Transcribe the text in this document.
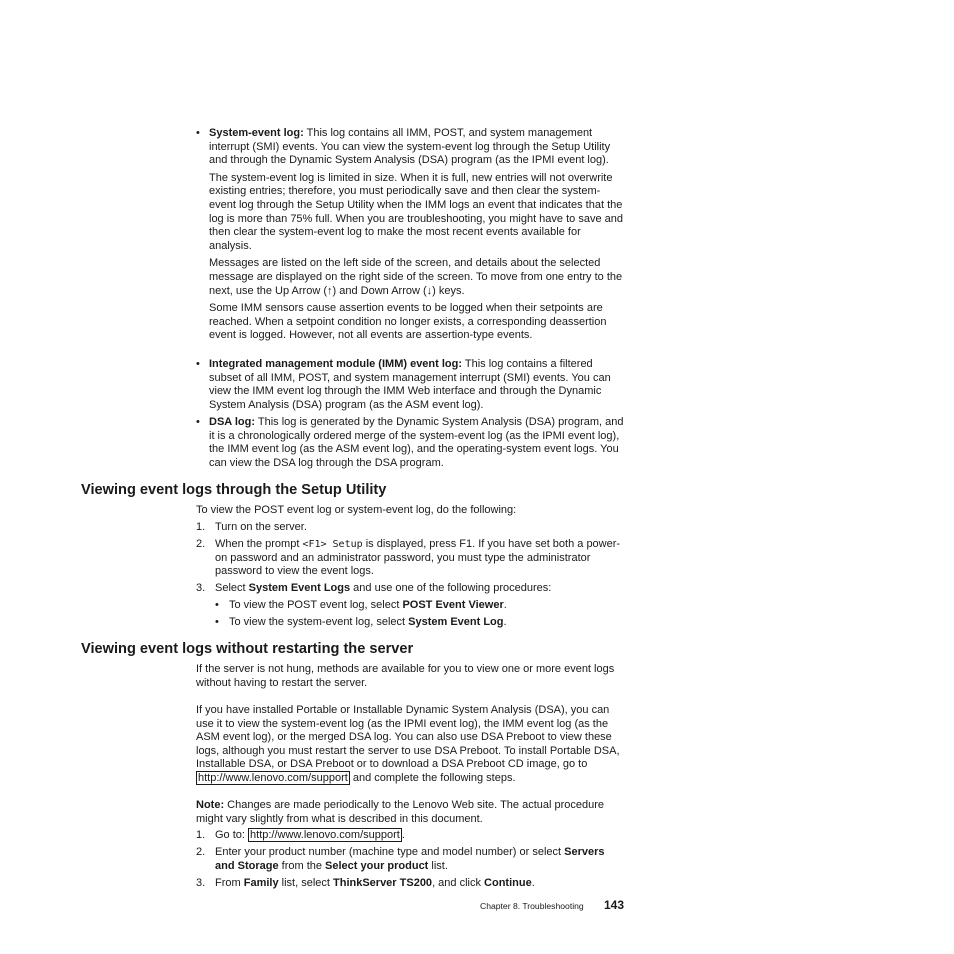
• System-event log: This log contains all IMM, POST, and system management interrupt (SMI) events. You can view the system-event log through the Setup Utility and through the Dynamic System Analysis (DSA) program (as the IPMI event log).
The system-event log is limited in size. When it is full, new entries will not overwrite existing entries; therefore, you must periodically save and then clear the system-event log through the Setup Utility when the IMM logs an event that indicates that the log is more than 75% full. When you are troubleshooting, you might have to save and then clear the system-event log to make the most recent events available for analysis.
Messages are listed on the left side of the screen, and details about the selected message are displayed on the right side of the screen. To move from one entry to the next, use the Up Arrow (↑) and Down Arrow (↓) keys.
Some IMM sensors cause assertion events to be logged when their setpoints are reached. When a setpoint condition no longer exists, a corresponding deassertion event is logged. However, not all events are assertion-type events.
• Integrated management module (IMM) event log: This log contains a filtered subset of all IMM, POST, and system management interrupt (SMI) events. You can view the IMM event log through the IMM Web interface and through the Dynamic System Analysis (DSA) program (as the ASM event log).
• DSA log: This log is generated by the Dynamic System Analysis (DSA) program, and it is a chronologically ordered merge of the system-event log (as the IPMI event log), the IMM event log (as the ASM event log), and the operating-system event logs. You can view the DSA log through the DSA program.
Viewing event logs through the Setup Utility
To view the POST event log or system-event log, do the following:
1. Turn on the server.
2. When the prompt <F1> Setup is displayed, press F1. If you have set both a power-on password and an administrator password, you must type the administrator password to view the event logs.
3. Select System Event Logs and use one of the following procedures:
• To view the POST event log, select POST Event Viewer.
• To view the system-event log, select System Event Log.
Viewing event logs without restarting the server
If the server is not hung, methods are available for you to view one or more event logs without having to restart the server.
If you have installed Portable or Installable Dynamic System Analysis (DSA), you can use it to view the system-event log (as the IPMI event log), the IMM event log (as the ASM event log), or the merged DSA log. You can also use DSA Preboot to view these logs, although you must restart the server to use DSA Preboot. To install Portable DSA, Installable DSA, or DSA Preboot or to download a DSA Preboot CD image, go to http://www.lenovo.com/support and complete the following steps.
Note: Changes are made periodically to the Lenovo Web site. The actual procedure might vary slightly from what is described in this document.
1. Go to: http://www.lenovo.com/support .
2. Enter your product number (machine type and model number) or select Servers and Storage from the Select your product list.
3. From Family list, select ThinkServer TS200, and click Continue.
Chapter 8. Troubleshooting 143
